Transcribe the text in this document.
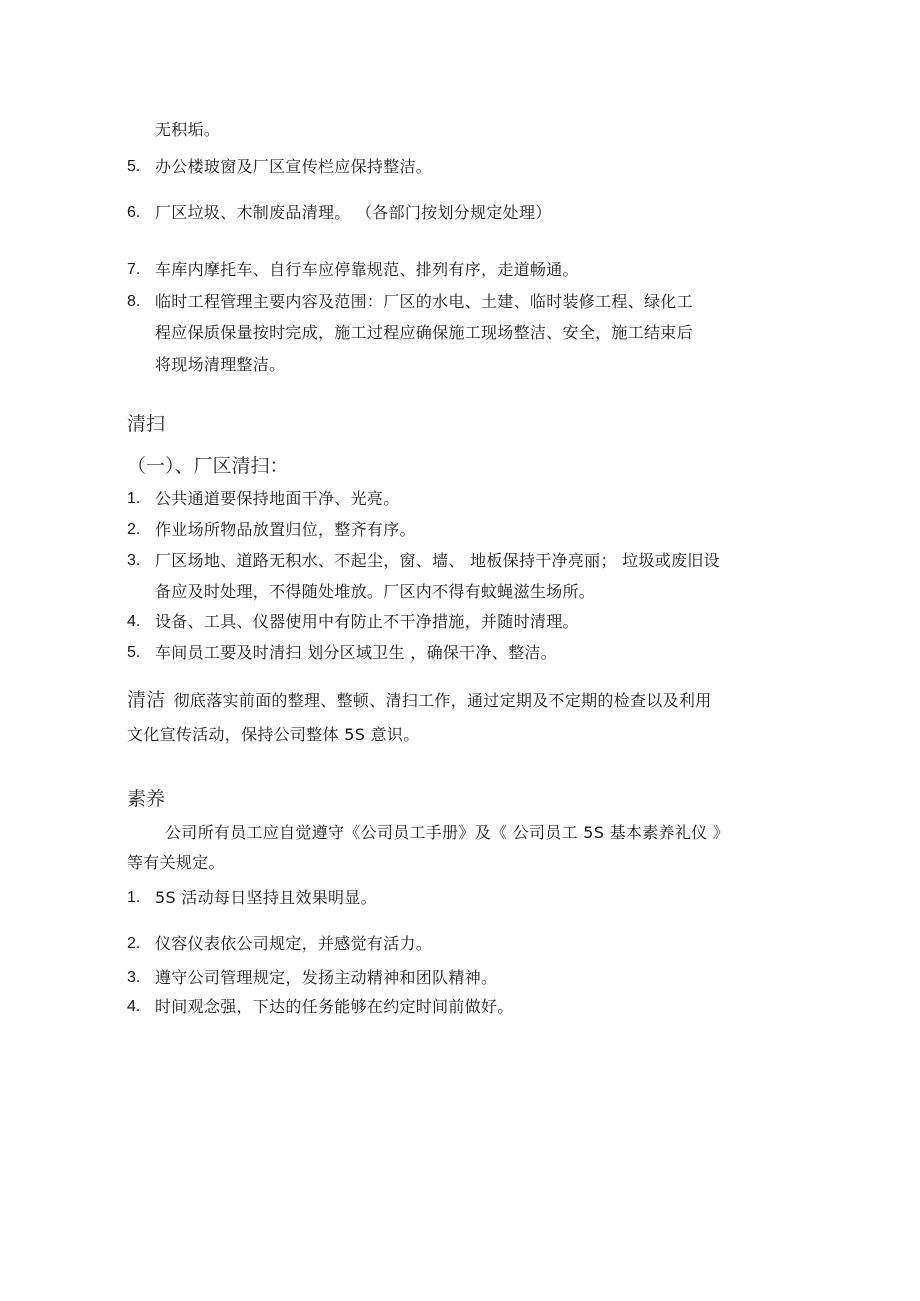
无积垢。
5. 办公楼玻窗及厂区宣传栏应保持整洁。
6. 厂区垃圾、木制废品清理。 （各部门按划分规定处理）
7. 车库内摩托车、自行车应停靠规范、排列有序，走道畅通。
8. 临时工程管理主要内容及范围：厂区的水电、土建、临时装修工程、绿化工
程应保质保量按时完成，施工过程应确保施工现场整洁、安全，施工结束后
将现场清理整洁。
清扫
（一）、厂区清扫：
1. 公共通道要保持地面干净、光亮。
2. 作业场所物品放置归位，整齐有序。
3. 厂区场地、道路无积水、不起尘，窗、墙、 地板保持干净亮丽； 垃圾或废旧设
备应及时处理，不得随处堆放。厂区内不得有蚊蝇滋生场所。
4. 设备、工具、仪器使用中有防止不干净措施，并随时清理。
5. 车间员工要及时清扫 划分区域卫生 ，确保干净、整洁。
清洁 彻底落实前面的整理、整顿、清扫工作，通过定期及不定期的检查以及利用
文化宣传活动，保持公司整体 5S 意识。
素养
公司所有员工应自觉遵守《公司员工手册》及《 公司员工 5S 基本素养礼仪 》
等有关规定。
1. 5S 活动每日坚持且效果明显。
2. 仪容仪表依公司规定，并感觉有活力。
3. 遵守公司管理规定，发扬主动精神和团队精神。
4. 时间观念强，下达的任务能够在约定时间前做好。
